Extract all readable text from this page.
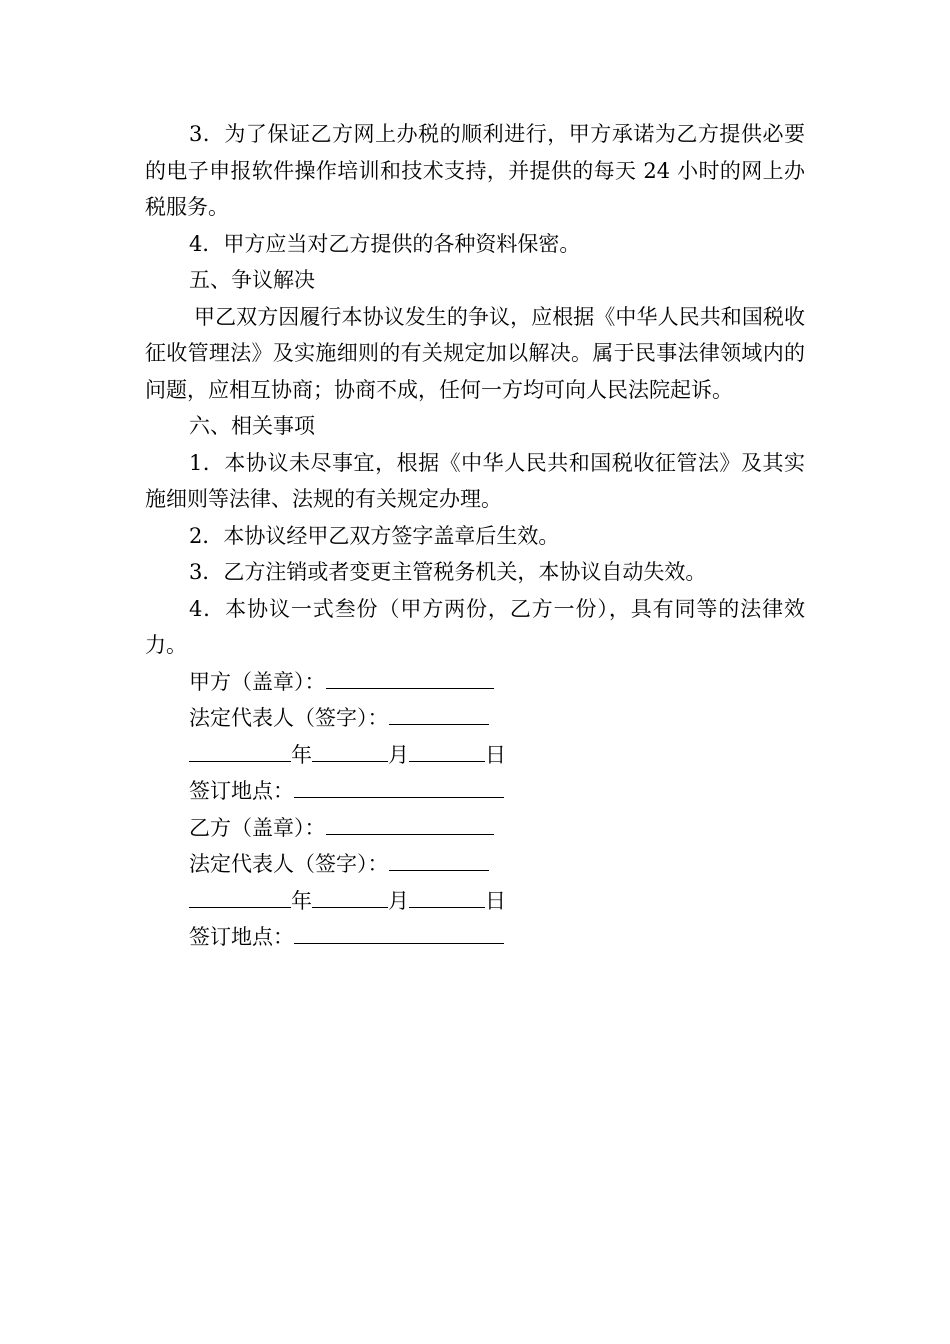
3．为了保证乙方网上办税的顺利进行，甲方承诺为乙方提供必要的电子申报软件操作培训和技术支持，并提供的每天 24 小时的网上办税服务。

4．甲方应当对乙方提供的各种资料保密。

五、争议解决

甲乙双方因履行本协议发生的争议，应根据《中华人民共和国税收征收管理法》及实施细则的有关规定加以解决。属于民事法律领域内的问题，应相互协商；协商不成，任何一方均可向人民法院起诉。

六、相关事项

1．本协议未尽事宜，根据《中华人民共和国税收征管法》及其实施细则等法律、法规的有关规定办理。

2．本协议经甲乙双方签字盖章后生效。

3．乙方注销或者变更主管税务机关，本协议自动失效。

4．本协议一式叁份（甲方两份，乙方一份），具有同等的法律效力。

甲方（盖章）：

法定代表人（签字）：

年	月	日

签订地点：

乙方（盖章）：

法定代表人（签字）：

年	月	日

签订地点：
